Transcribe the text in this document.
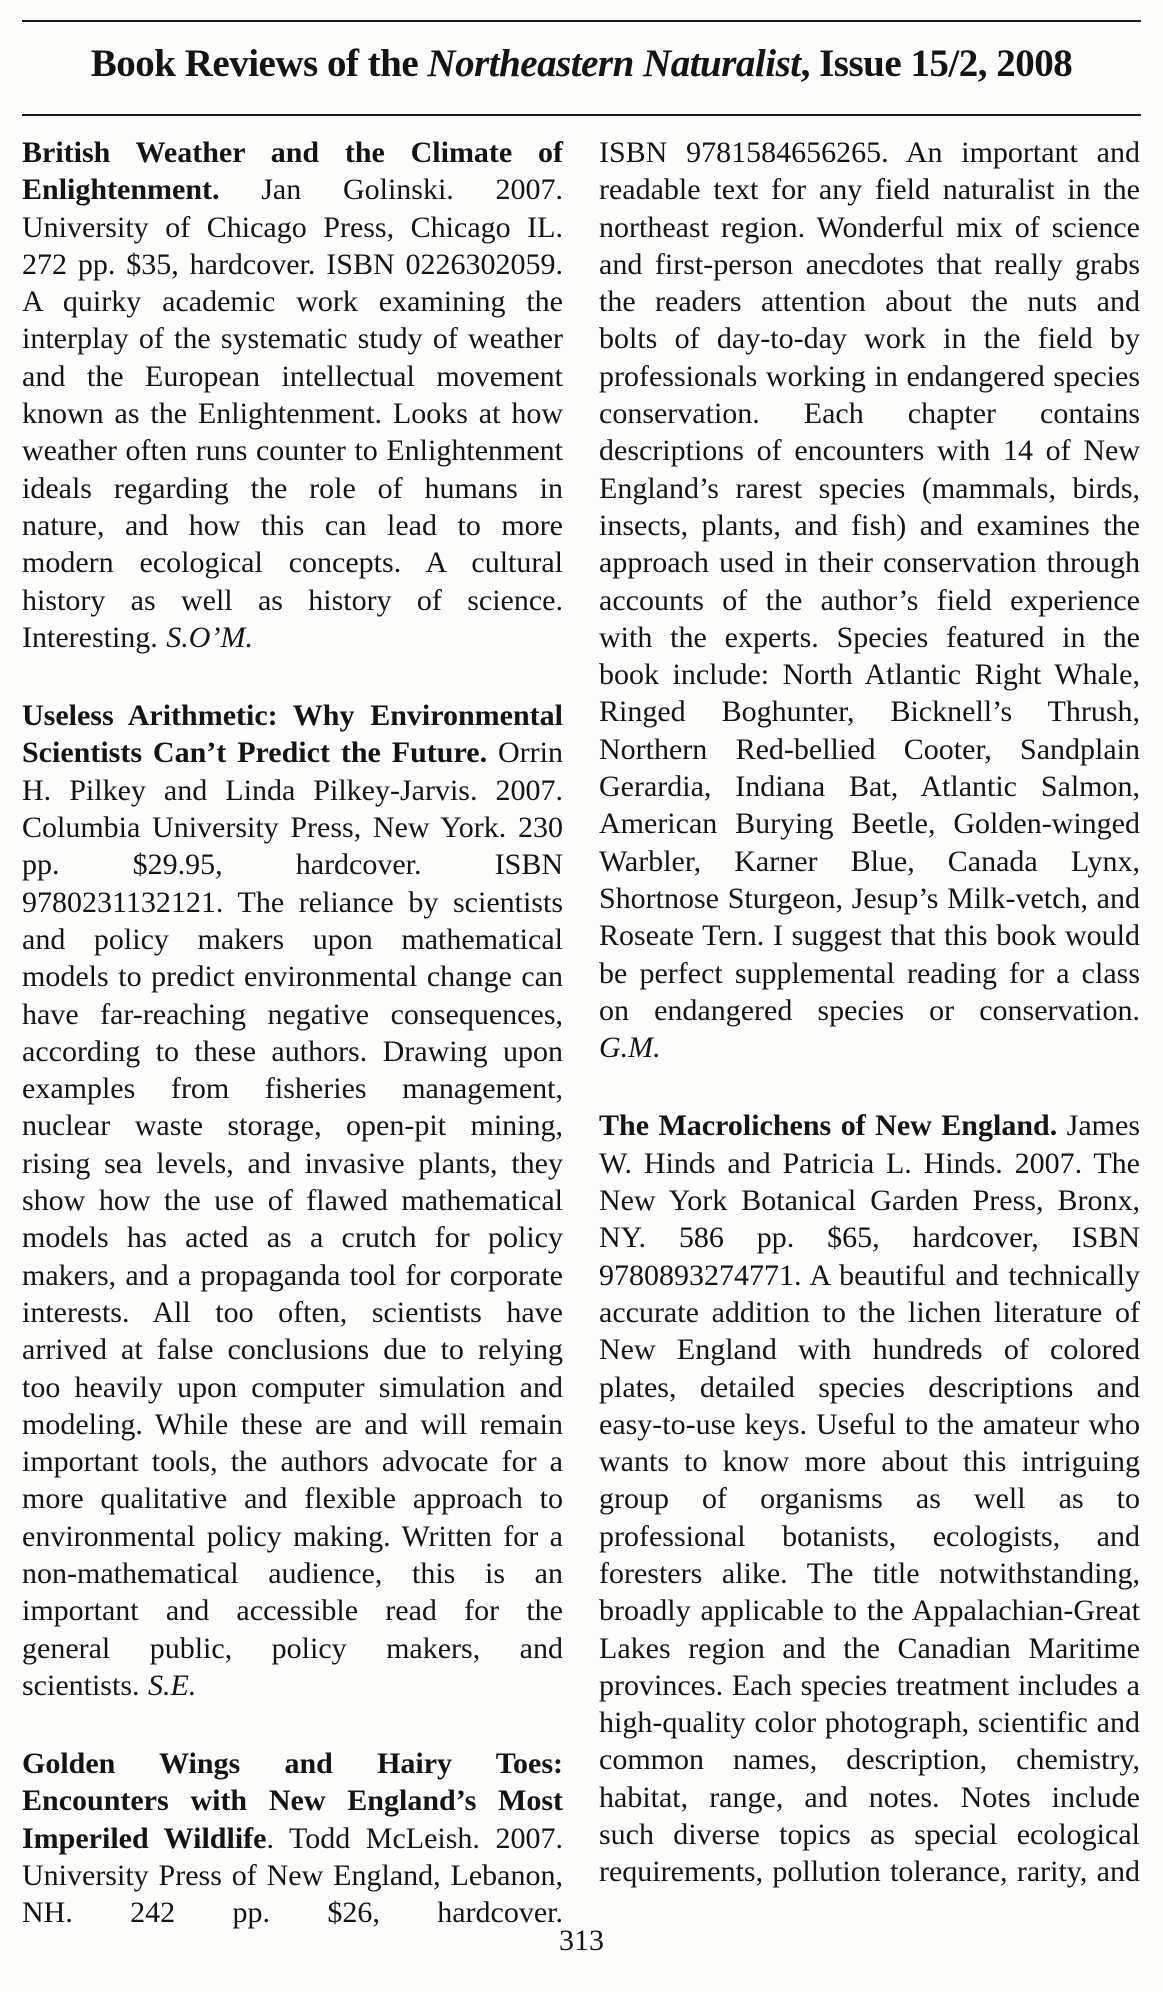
Book Reviews of the Northeastern Naturalist, Issue 15/2, 2008

British Weather and the Climate of Enlightenment. Jan Golinski. 2007. University of Chicago Press, Chicago IL. 272 pp. $35, hardcover. ISBN 0226302059. A quirky academic work examining the interplay of the systematic study of weather and the European intellectual movement known as the Enlightenment. Looks at how weather often runs counter to Enlightenment ideals regarding the role of humans in nature, and how this can lead to more modern ecological concepts. A cultural history as well as history of science. Interesting. S.O’M.

Useless Arithmetic: Why Environmental Scientists Can’t Predict the Future. Orrin H. Pilkey and Linda Pilkey-Jarvis. 2007. Columbia University Press, New York. 230 pp. $29.95, hardcover. ISBN 9780231132121. The reliance by scientists and policy makers upon mathematical models to predict environmental change can have far-reaching negative consequences, according to these authors. Drawing upon examples from fisheries management, nuclear waste storage, open-pit mining, rising sea levels, and invasive plants, they show how the use of flawed mathematical models has acted as a crutch for policy makers, and a propaganda tool for corporate interests. All too often, scientists have arrived at false conclusions due to relying too heavily upon computer simulation and modeling. While these are and will remain important tools, the authors advocate for a more qualitative and flexible approach to environmental policy making. Written for a non-mathematical audience, this is an important and accessible read for the general public, policy makers, and scientists. S.E.

Golden Wings and Hairy Toes: Encounters with New England’s Most Imperiled Wildlife. Todd McLeish. 2007. University Press of New England, Lebanon, NH. 242 pp. $26, hardcover.

ISBN 9781584656265. An important and readable text for any field naturalist in the northeast region. Wonderful mix of science and first-person anecdotes that really grabs the readers attention about the nuts and bolts of day-to-day work in the field by professionals working in endangered species conservation. Each chapter contains descriptions of encounters with 14 of New England’s rarest species (mammals, birds, insects, plants, and fish) and examines the approach used in their conservation through accounts of the author’s field experience with the experts. Species featured in the book include: North Atlantic Right Whale, Ringed Boghunter, Bicknell’s Thrush, Northern Red-bellied Cooter, Sandplain Gerardia, Indiana Bat, Atlantic Salmon, American Burying Beetle, Golden-winged Warbler, Karner Blue, Canada Lynx, Shortnose Sturgeon, Jesup’s Milk-vetch, and Roseate Tern. I suggest that this book would be perfect supplemental reading for a class on endangered species or conservation. G.M.

The Macrolichens of New England. James W. Hinds and Patricia L. Hinds. 2007. The New York Botanical Garden Press, Bronx, NY. 586 pp. $65, hardcover, ISBN 9780893274771. A beautiful and technically accurate addition to the lichen literature of New England with hundreds of colored plates, detailed species descriptions and easy-to-use keys. Useful to the amateur who wants to know more about this intriguing group of organisms as well as to professional botanists, ecologists, and foresters alike. The title notwithstanding, broadly applicable to the Appalachian-Great Lakes region and the Canadian Maritime provinces. Each species treatment includes a high-quality color photograph, scientific and common names, description, chemistry, habitat, range, and notes. Notes include such diverse topics as special ecological requirements, pollution tolerance, rarity, and

313
